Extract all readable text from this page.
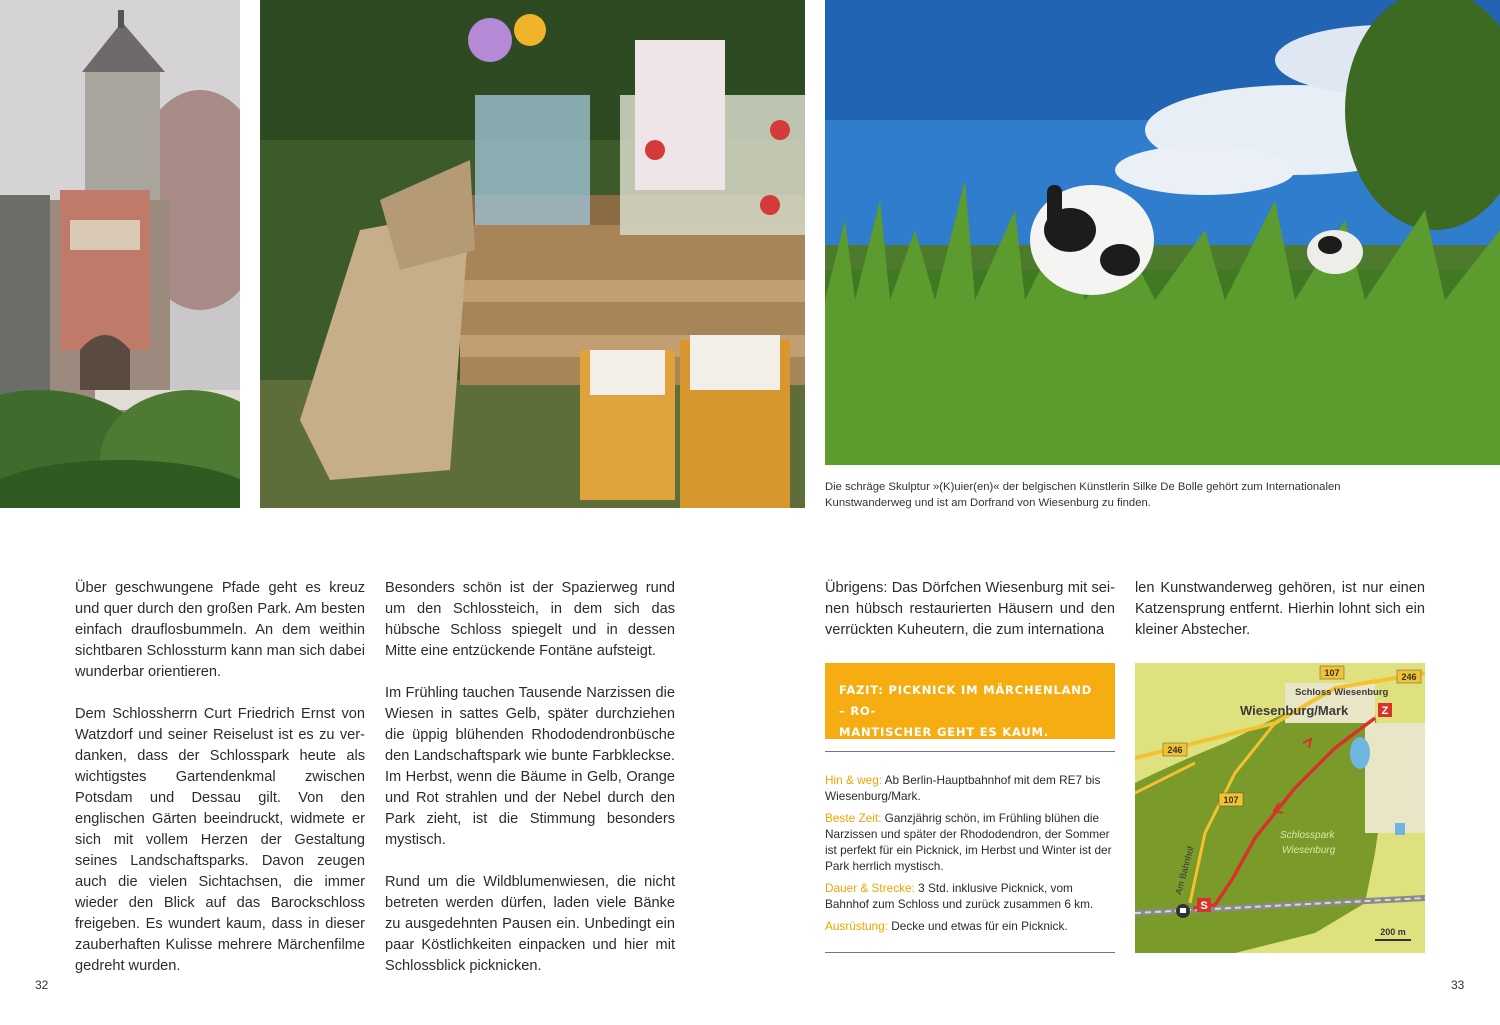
Die schräge Skulptur »(K)uier(en)« der belgischen Künstlerin Silke De Bolle gehört zum Internationalen Kunstwanderweg und ist am Dorfrand von Wiesenburg zu finden.

Über geschwungene Pfade geht es kreuz und quer durch den großen Park. Am besten einfach drauflosbummeln. An dem weithin sichtbaren Schlossturm kann man sich dabei wunderbar orientieren.

Dem Schlossherrn Curt Friedrich Ernst von Watzdorf und seiner Reiselust ist es zu verdanken, dass der Schlosspark heute als wichtigstes Gartendenkmal zwischen Potsdam und Dessau gilt. Von den englischen Gärten beeindruckt, widmete er sich mit vollem Herzen der Gestaltung seines Landschaftsparks. Davon zeugen auch die vielen Sichtachsen, die immer wieder den Blick auf das Barockschloss freigeben. Es wundert kaum, dass in dieser zauberhaften Kulisse mehrere Märchenfilme gedreht wurden.

Besonders schön ist der Spazierweg rund um den Schlossteich, in dem sich das hübsche Schloss spiegelt und in dessen Mitte eine entzückende Fontäne aufsteigt.

Im Frühling tauchen Tausende Narzissen die Wiesen in sattes Gelb, später durchziehen die üppig blühenden Rhododendronbüsche den Landschaftspark wie bunte Farbkleckse. Im Herbst, wenn die Bäume in Gelb, Orange und Rot strahlen und der Nebel durch den Park zieht, ist die Stimmung besonders mystisch.

Rund um die Wildblumenwiesen, die nicht betreten werden dürfen, laden viele Bänke zu ausgedehnten Pausen ein. Unbedingt ein paar Köstlichkeiten einpacken und hier mit Schlossblick picknicken.

Übrigens: Das Dörfchen Wiesenburg mit seinen hübsch restaurierten Häusern und den verrückten Kuheutern, die zum internationa

len Kunstwanderweg gehören, ist nur einen Katzensprung entfernt. Hierhin lohnt sich ein kleiner Abstecher.

FAZIT: PICKNICK IM MÄRCHENLAND – RO-
MANTISCHER GEHT ES KAUM.
Hin & weg: Ab Berlin-Hauptbahnhof mit dem RE7 bis Wiesenburg/Mark.
Beste Zeit: Ganzjährig schön, im Frühling blühen die Narzissen und später der Rhododendron, der Sommer ist perfekt für ein Picknick, im Herbst und Winter ist der Park herrlich mystisch.
Dauer & Strecke: 3 Std. inklusive Picknick, vom Bahnhof zum Schloss und zurück zusammen 6 km.
Ausrüstung: Decke und etwas für ein Picknick.
S
Z
Wiesenburg/Mark
Schloss Wiesenburg
Schlosspark
Wiesenburg
Am Bahnhof
107
107
246
246
200 m
32	33
